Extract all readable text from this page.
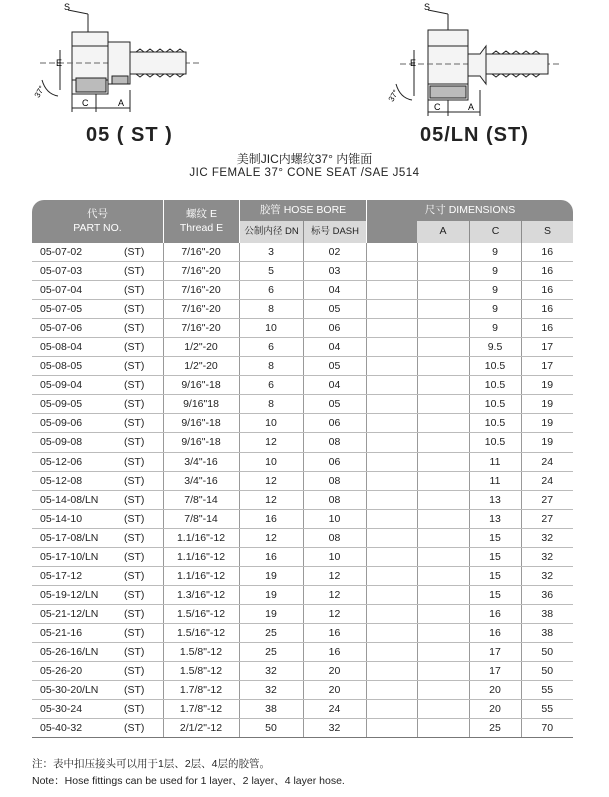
S
E
37°
C	A
S
E
37°
C	A
05 ( ST )	05/LN (ST)
美制JIC内螺纹37° 内锥面
JIC FEMALE 37° CONE SEAT /SAE J514
代号
PART NO.
螺纹 E
Thread E
胶管 HOSE BORE
公制内径 DN	标号 DASH
尺寸 DIMENSIONS
A	C	S
05-07-02 (ST)	7/16"-20	3	02			9	16
05-07-03 (ST)	7/16"-20	5	03			9	16
05-07-04 (ST)	7/16"-20	6	04			9	16
05-07-05 (ST)	7/16"-20	8	05			9	16
05-07-06 (ST)	7/16"-20	10	06			9	16
05-08-04 (ST)	1/2"-20	6	04			9.5	17
05-08-05 (ST)	1/2"-20	8	05			10.5	17
05-09-04 (ST)	9/16"-18	6	04			10.5	19
05-09-05 (ST)	9/16"18	8	05			10.5	19
05-09-06 (ST)	9/16"-18	10	06			10.5	19
05-09-08 (ST)	9/16"-18	12	08			10.5	19
05-12-06 (ST)	3/4"-16	10	06			11	24
05-12-08 (ST)	3/4"-16	12	08			11	24
05-14-08/LN (ST)	7/8"-14	12	08			13	27
05-14-10 (ST)	7/8"-14	16	10			13	27
05-17-08/LN (ST)	1.1/16"-12	12	08			15	32
05-17-10/LN (ST)	1.1/16"-12	16	10			15	32
05-17-12 (ST)	1.1/16"-12	19	12			15	32
05-19-12/LN (ST)	1.3/16"-12	19	12			15	36
05-21-12/LN (ST)	1.5/16"-12	19	12			16	38
05-21-16 (ST)	1.5/16"-12	25	16			16	38
05-26-16/LN (ST)	1.5/8"-12	25	16			17	50
05-26-20 (ST)	1.5/8"-12	32	20			17	50
05-30-20/LN (ST)	1.7/8"-12	32	20			20	55
05-30-24 (ST)	1.7/8"-12	38	24			20	55
05-40-32 (ST)	2/1/2"-12	50	32			25	70
注：表中扣压接头可以用于1层、2层、4层的胶管。
Note：Hose fittings can be used for 1 layer、2 layer、4 layer hose.
